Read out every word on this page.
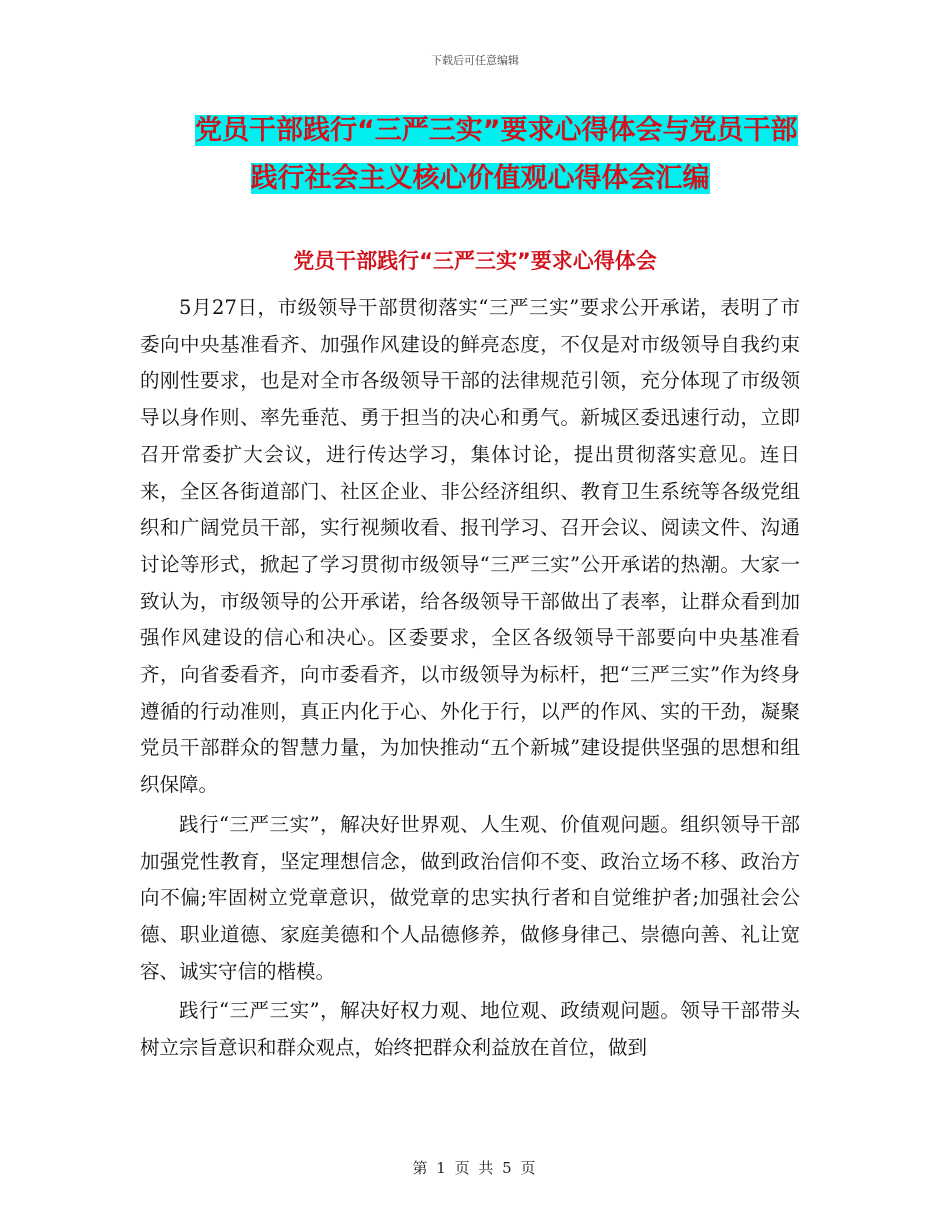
下载后可任意编辑
党员干部践行“三严三实”要求心得体会与党员干部
践行社会主义核心价值观心得体会汇编
党员干部践行“三严三实”要求心得体会

5月27日，市级领导干部贯彻落实“三严三实”要求公开承诺，表明了市委向中央基准看齐、加强作风建设的鲜亮态度，不仅是对市级领导自我约束的刚性要求，也是对全市各级领导干部的法律规范引领，充分体现了市级领导以身作则、率先垂范、勇于担当的决心和勇气。新城区委迅速行动，立即召开常委扩大会议，进行传达学习，集体讨论，提出贯彻落实意见。连日来，全区各街道部门、社区企业、非公经济组织、教育卫生系统等各级党组织和广阔党员干部，实行视频收看、报刊学习、召开会议、阅读文件、沟通讨论等形式，掀起了学习贯彻市级领导“三严三实”公开承诺的热潮。大家一致认为，市级领导的公开承诺，给各级领导干部做出了表率，让群众看到加强作风建设的信心和决心。区委要求，全区各级领导干部要向中央基准看齐，向省委看齐，向市委看齐，以市级领导为标杆，把“三严三实”作为终身遵循的行动准则，真正内化于心、外化于行，以严的作风、实的干劲，凝聚党员干部群众的智慧力量，为加快推动“五个新城”建设提供坚强的思想和组织保障。

践行“三严三实”，解决好世界观、人生观、价值观问题。组织领导干部加强党性教育，坚定理想信念，做到政治信仰不变、政治立场不移、政治方向不偏;牢固树立党章意识，做党章的忠实执行者和自觉维护者;加强社会公德、职业道德、家庭美德和个人品德修养，做修身律己、崇德向善、礼让宽容、诚实守信的楷模。

践行“三严三实”，解决好权力观、地位观、政绩观问题。领导干部带头树立宗旨意识和群众观点，始终把群众利益放在首位，做到

第 1 页 共 5 页
